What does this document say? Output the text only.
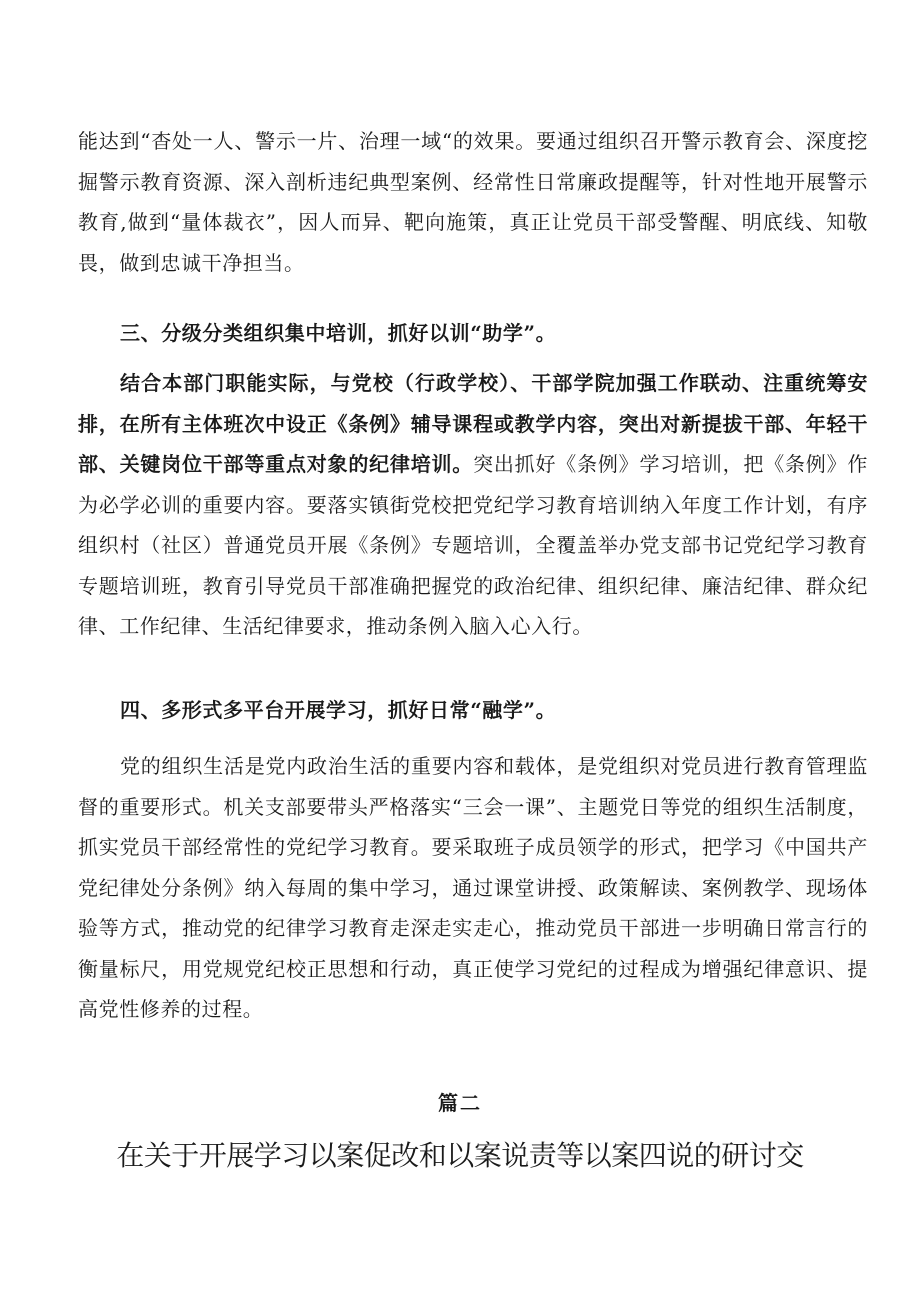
能达到“杳处一人、警示一片、治理一域“的效果。要通过组织召开警示教育会、深度挖掘警示教育资源、深入剖析违纪典型案例、经常性日常廉政提醒等，针对性地开展警示教育,做到“量体裁衣”，因人而异、靶向施策，真正让党员干部受警醒、明底线、知敬畏，做到忠诚干净担当。

三、分级分类组织集中培训，抓好以训“助学”。

结合本部门职能实际，与党校（行政学校）、干部学院加强工作联动、注重统筹安排，在所有主体班次中设正《条例》辅导课程或教学内容，突出对新提拔干部、年轻干部、关键岗位干部等重点对象的纪律培训。突出抓好《条例》学习培训，把《条例》作为必学必训的重要内容。要落实镇街党校把党纪学习教育培训纳入年度工作计划，有序组织村（社区）普通党员开展《条例》专题培训，全覆盖举办党支部书记党纪学习教育专题培训班，教育引导党员干部准确把握党的政治纪律、组织纪律、廉洁纪律、群众纪律、工作纪律、生活纪律要求，推动条例入脑入心入行。

四、多形式多平台开展学习，抓好日常“融学”。

党的组织生活是党内政治生活的重要内容和载体，是党组织对党员进行教育管理监督的重要形式。机关支部要带头严格落实“三会一课”、主题党日等党的组织生活制度，抓实党员干部经常性的党纪学习教育。要采取班子成员领学的形式，把学习《中国共产党纪律处分条例》纳入每周的集中学习，通过课堂讲授、政策解读、案例教学、现场体验等方式，推动党的纪律学习教育走深走实走心，推动党员干部进一步明确日常言行的衡量标尺，用党规党纪校正思想和行动，真正使学习党纪的过程成为增强纪律意识、提高党性修养的过程。

篇二
在关于开展学习以案促改和以案说责等以案四说的研讨交
